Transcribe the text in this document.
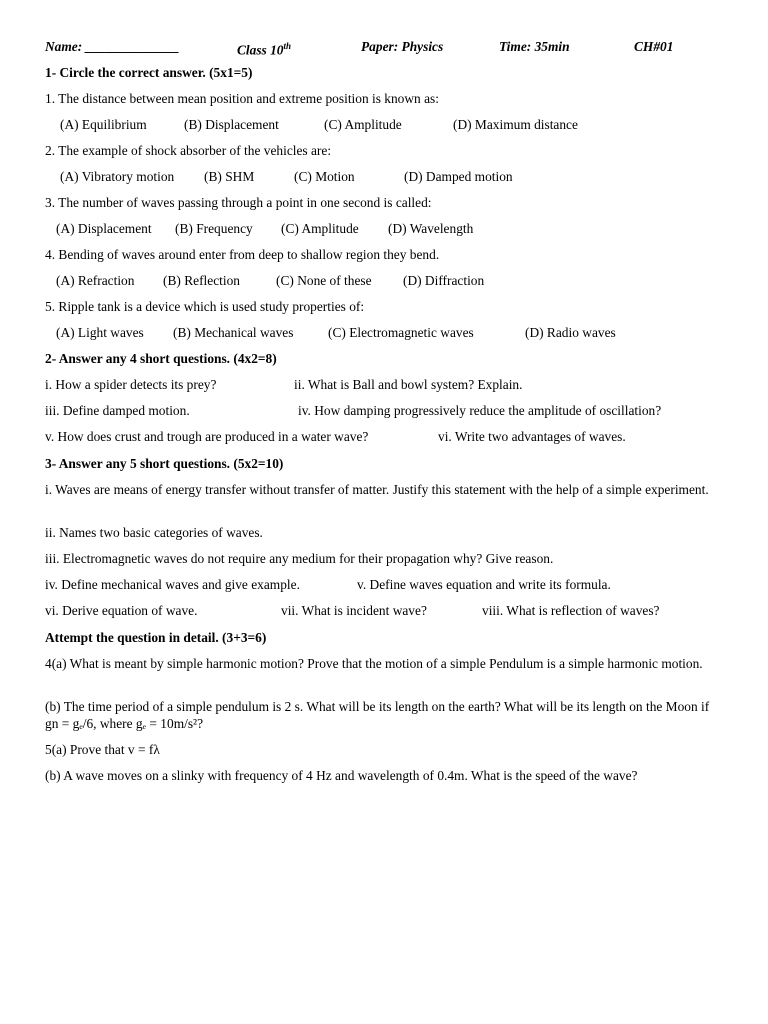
Name: ______________	Class 10th	Paper: Physics	Time: 35min	CH#01
1- Circle the correct answer. (5x1=5)
1. The distance between mean position and extreme position is known as:
(A) Equilibrium	(B) Displacement	(C) Amplitude	(D) Maximum distance
2. The example of shock absorber of the vehicles are:
(A) Vibratory motion (B) SHM	(C) Motion	(D) Damped motion
3. The number of waves passing through a point in one second is called:
(A) Displacement (B) Frequency (C) Amplitude (D) Wavelength
4. Bending of waves around enter from deep to shallow region they bend.
(A) Refraction (B) Reflection	(C) None of these (D) Diffraction
5. Ripple tank is a device which is used study properties of:
(A) Light waves (B) Mechanical waves	(C) Electromagnetic waves	(D) Radio waves
2- Answer any 4 short questions. (4x2=8)
i. How a spider detects its prey?	ii. What is Ball and bowl system? Explain.
iii. Define damped motion.	iv. How damping progressively reduce the amplitude of oscillation?
v. How does crust and trough are produced in a water wave?	vi. Write two advantages of waves.
3- Answer any 5 short questions. (5x2=10)
i. Waves are means of energy transfer without transfer of matter. Justify this statement with the help of a simple experiment.
ii. Names two basic categories of waves.
iii. Electromagnetic waves do not require any medium for their propagation why? Give reason.
iv. Define mechanical waves and give example.	v. Define waves equation and write its formula.
vi. Derive equation of wave.	vii. What is incident wave?	viii. What is reflection of waves?
Attempt the question in detail. (3+3=6)
4(a) What is meant by simple harmonic motion? Prove that the motion of a simple Pendulum is a simple harmonic motion.
(b) The time period of a simple pendulum is 2 s. What will be its length on the earth? What will be its length on the Moon if gn = gₑ/6, where gₑ = 10m/s²?
5(a) Prove that v = fλ
(b) A wave moves on a slinky with frequency of 4 Hz and wavelength of 0.4m. What is the speed of the wave?
